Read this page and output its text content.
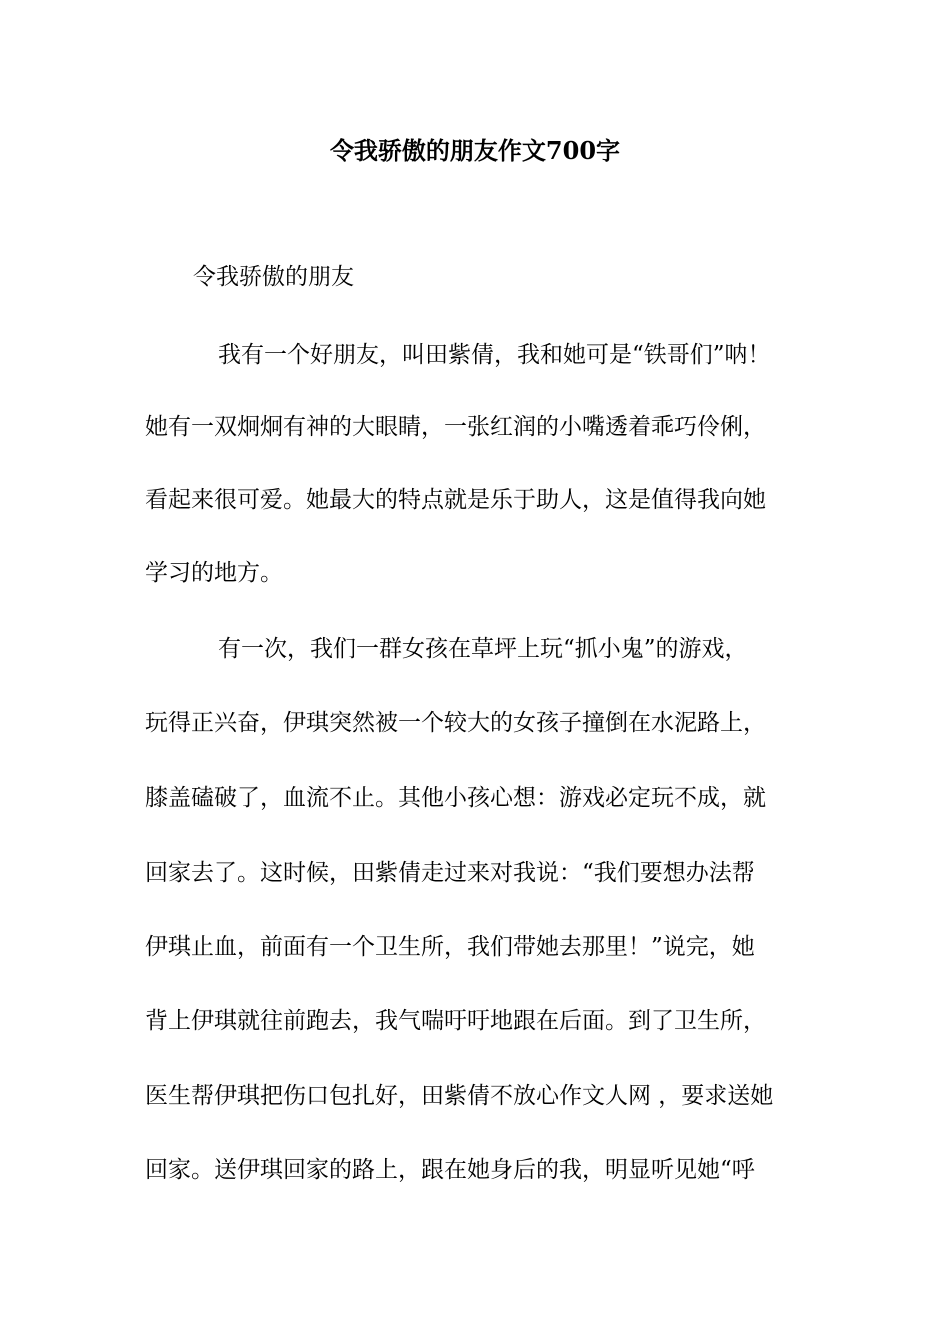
令我骄傲的朋友作文700字

令我骄傲的朋友

我有一个好朋友，叫田紫倩，我和她可是“铁哥们”呐！

她有一双炯炯有神的大眼睛，一张红润的小嘴透着乖巧伶俐，

看起来很可爱。她最大的特点就是乐于助人，这是值得我向她

学习的地方。

有一次，我们一群女孩在草坪上玩“抓小鬼”的游戏，

玩得正兴奋，伊琪突然被一个较大的女孩子撞倒在水泥路上，

膝盖磕破了，血流不止。其他小孩心想：游戏必定玩不成，就

回家去了。这时候，田紫倩走过来对我说：“我们要想办法帮

伊琪止血，前面有一个卫生所，我们带她去那里！”说完，她

背上伊琪就往前跑去，我气喘吁吁地跟在后面。到了卫生所，

医生帮伊琪把伤口包扎好，田紫倩不放心作文人网 ，要求送她

回家。送伊琪回家的路上，跟在她身后的我，明显听见她“呼
